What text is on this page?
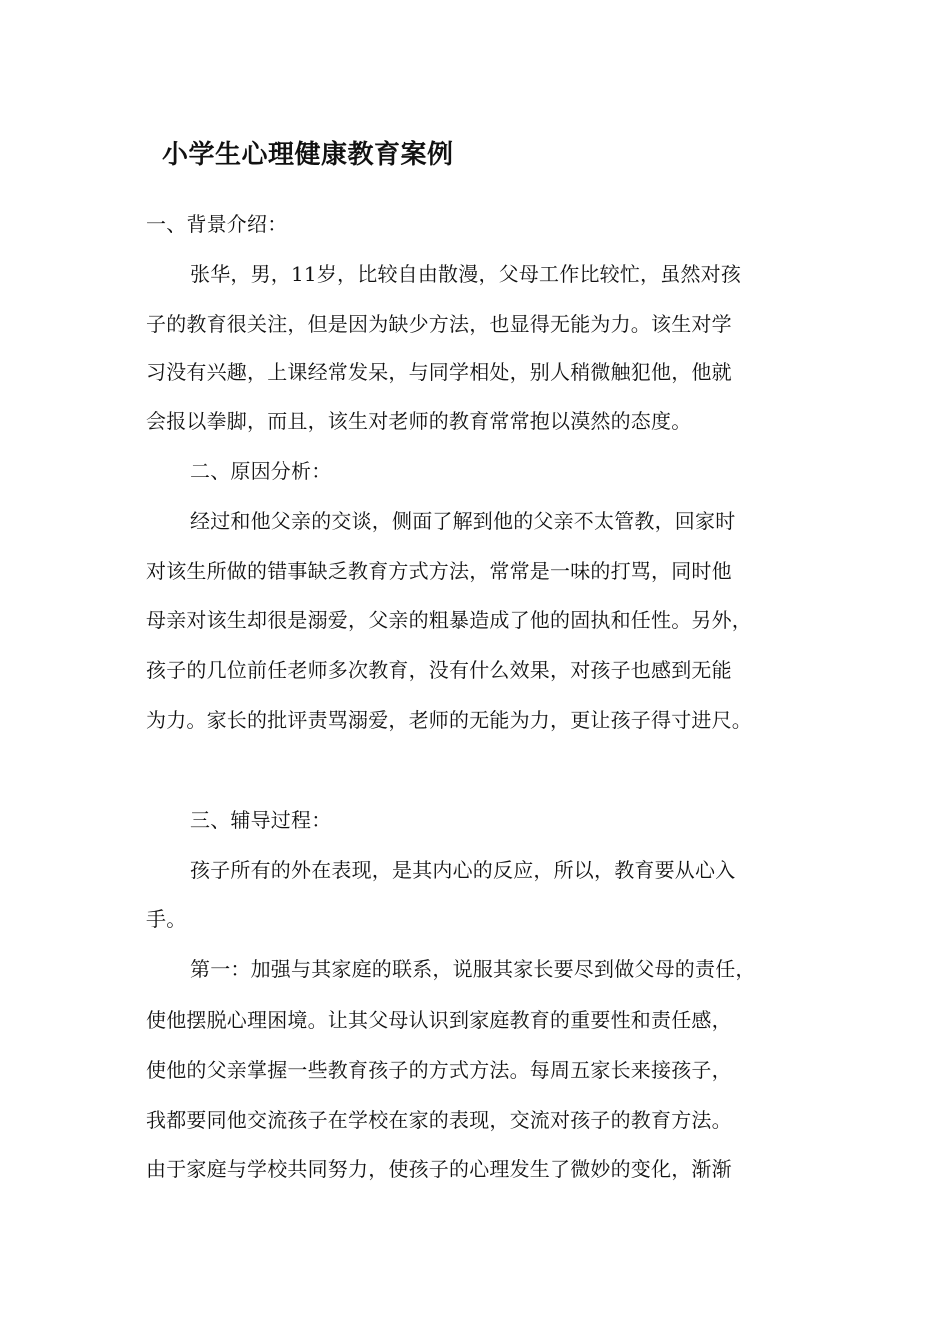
小学生心理健康教育案例
一、背景介绍：
张华，男，11岁，比较自由散漫，父母工作比较忙，虽然对孩
子的教育很关注，但是因为缺少方法，也显得无能为力。该生对学
习没有兴趣，上课经常发呆，与同学相处，别人稍微触犯他，他就
会报以拳脚，而且，该生对老师的教育常常抱以漠然的态度。
二、原因分析：
经过和他父亲的交谈，侧面了解到他的父亲不太管教，回家时
对该生所做的错事缺乏教育方式方法，常常是一味的打骂，同时他
母亲对该生却很是溺爱，父亲的粗暴造成了他的固执和任性。另外，
孩子的几位前任老师多次教育，没有什么效果，对孩子也感到无能
为力。家长的批评责骂溺爱，老师的无能为力，更让孩子得寸进尺。
三、辅导过程：
孩子所有的外在表现，是其内心的反应，所以，教育要从心入
手。
第一：加强与其家庭的联系，说服其家长要尽到做父母的责任，
使他摆脱心理困境。让其父母认识到家庭教育的重要性和责任感，
使他的父亲掌握一些教育孩子的方式方法。每周五家长来接孩子，
我都要同他交流孩子在学校在家的表现，交流对孩子的教育方法。
由于家庭与学校共同努力，使孩子的心理发生了微妙的变化，渐渐
